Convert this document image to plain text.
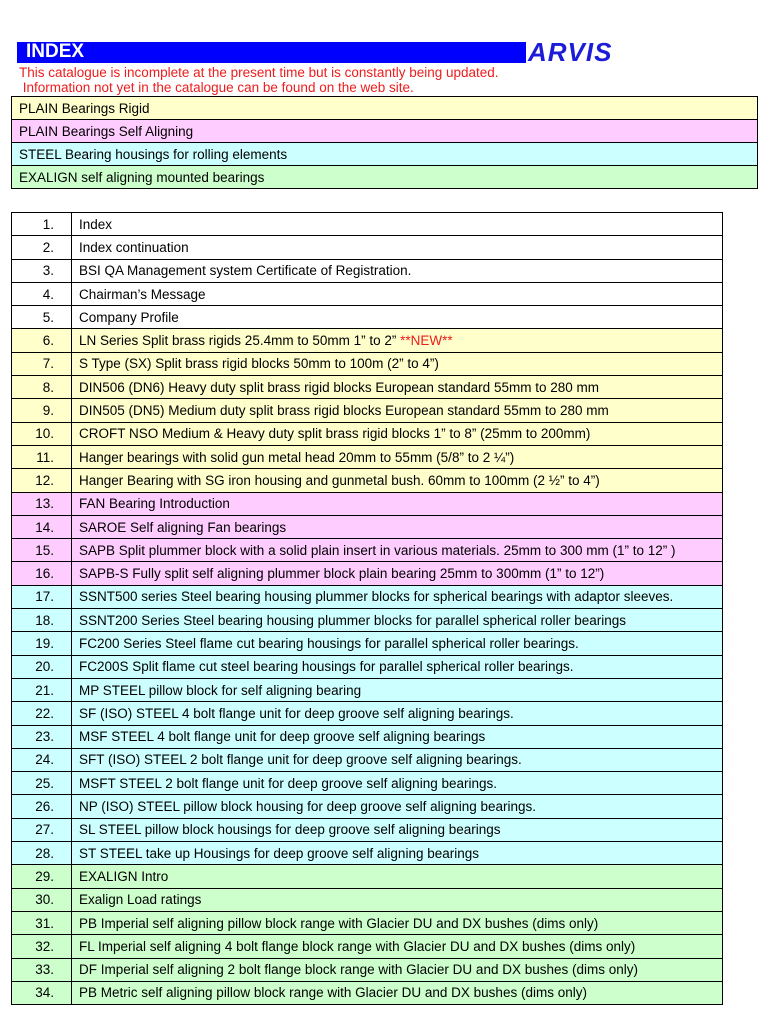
INDEX	ARVIS
This catalogue is incomplete at the present time but is constantly being updated.
Information not yet in the catalogue can be found on the web site.
PLAIN Bearings Rigid
PLAIN Bearings Self Aligning
STEEL Bearing housings for rolling elements
EXALIGN self aligning mounted bearings
1.	Index
2.	Index continuation
3.	BSI QA Management system Certificate of Registration.
4.	Chairman’s Message
5.	Company Profile
6.	LN Series Split brass rigids 25.4mm to 50mm 1” to 2” **NEW**
7.	S Type (SX) Split brass rigid blocks 50mm to 100m (2” to 4”)
8.	DIN506 (DN6) Heavy duty split brass rigid blocks European standard 55mm to 280 mm
9.	DIN505 (DN5) Medium duty split brass rigid blocks European standard 55mm to 280 mm
10.	CROFT NSO Medium & Heavy duty split brass rigid blocks 1” to 8” (25mm to 200mm)
11.	Hanger bearings with solid gun metal head 20mm to 55mm (5/8” to 2 ¼”)
12.	Hanger Bearing with SG iron housing and gunmetal bush. 60mm to 100mm (2 ½” to 4”)
13.	FAN Bearing Introduction
14.	SAROE Self aligning Fan bearings
15.	SAPB Split plummer block with a solid plain insert in various materials. 25mm to 300 mm (1” to 12” )
16.	SAPB-S Fully split self aligning plummer block plain bearing 25mm to 300mm (1” to 12”)
17.	SSNT500 series Steel bearing housing plummer blocks for spherical bearings with adaptor sleeves.
18.	SSNT200 Series Steel bearing housing plummer blocks for parallel spherical roller bearings
19.	FC200 Series Steel flame cut bearing housings for parallel spherical roller bearings.
20.	FC200S Split flame cut steel bearing housings for parallel spherical roller bearings.
21.	MP STEEL pillow block for self aligning bearing
22.	SF (ISO) STEEL 4 bolt flange unit for deep groove self aligning bearings.
23.	MSF STEEL 4 bolt flange unit for deep groove self aligning bearings
24.	SFT (ISO) STEEL 2 bolt flange unit for deep groove self aligning bearings.
25.	MSFT STEEL 2 bolt flange unit for deep groove self aligning bearings.
26.	NP (ISO) STEEL pillow block housing for deep groove self aligning bearings.
27.	SL STEEL pillow block housings for deep groove self aligning bearings
28.	ST STEEL take up Housings for deep groove self aligning bearings
29.	EXALIGN Intro
30.	Exalign Load ratings
31.	PB Imperial self aligning pillow block range with Glacier DU and DX bushes (dims only)
32.	FL Imperial self aligning 4 bolt flange block range with Glacier DU and DX bushes (dims only)
33.	DF Imperial self aligning 2 bolt flange block range with Glacier DU and DX bushes (dims only)
34.	PB Metric self aligning pillow block range with Glacier DU and DX bushes (dims only)
